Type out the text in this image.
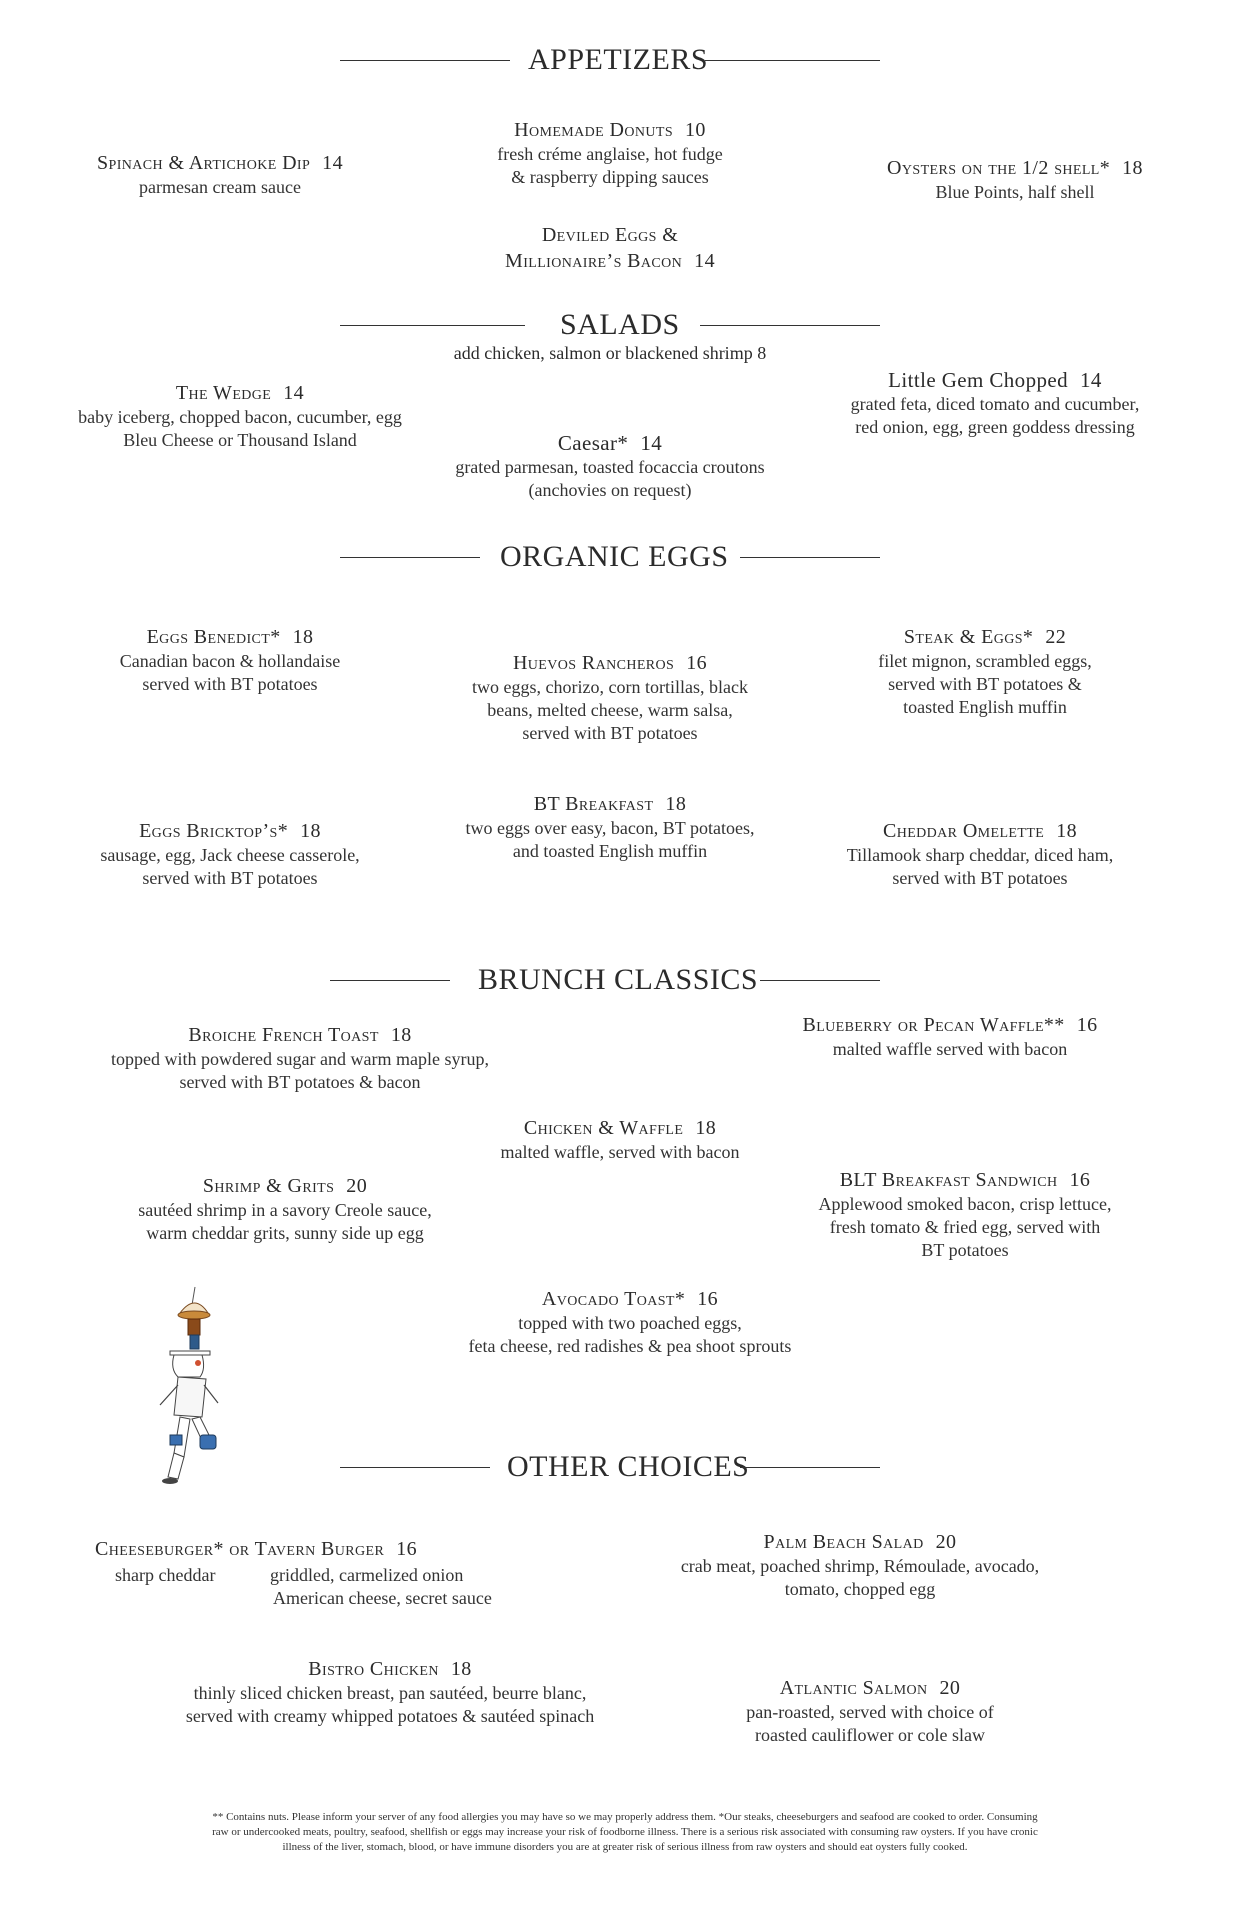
APPETIZERS
Spinach & Artichoke Dip 14
parmesan cream sauce
Homemade Donuts 10
fresh créme anglaise, hot fudge
& raspberry dipping sauces	Oysters on the 1/2 shell* 18
Blue Points, half shell
Deviled Eggs &
Millionaire’s Bacon 14
SALADS
add chicken, salmon or blackened shrimp 8
The Wedge 14
baby iceberg, chopped bacon, cucumber, egg
Bleu Cheese or Thousand Island	Caesar* 14
grated parmesan, toasted focaccia croutons
(anchovies on request)
Little Gem Chopped 14
grated feta, diced tomato and cucumber,
red onion, egg, green goddess dressing
ORGANIC EGGS
Eggs Benedict* 18
Canadian bacon & hollandaise
served with BT potatoes
Huevos Rancheros 16
two eggs, chorizo, corn tortillas, black
beans, melted cheese, warm salsa,
served with BT potatoes
Steak & Eggs* 22
filet mignon, scrambled eggs,
served with BT potatoes &
toasted English muffin
BT Breakfast 18
two eggs over easy, bacon, BT potatoes,
and toasted English muffin
Eggs Bricktop’s* 18
sausage, egg, Jack cheese casserole,
served with BT potatoes
Cheddar Omelette 18
Tillamook sharp cheddar, diced ham,
served with BT potatoes
BRUNCH CLASSICS
Broiche French Toast 18
topped with powdered sugar and warm maple syrup,
served with BT potatoes & bacon
Blueberry or Pecan Waffle** 16
malted waffle served with bacon
Chicken & Waffle 18
malted waffle, served with bacon
Shrimp & Grits 20
sautéed shrimp in a savory Creole sauce,
warm cheddar grits, sunny side up egg
BLT Breakfast Sandwich 16
Applewood smoked bacon, crisp lettuce,
fresh tomato & fried egg, served with
BT potatoes
Avocado Toast* 16
topped with two poached eggs,
feta cheese, red radishes & pea shoot sprouts
OTHER CHOICES
Cheeseburger* or Tavern Burger 16
sharp cheddar	griddled, carmelized onion
American cheese, secret sauce
Palm Beach Salad 20
crab meat, poached shrimp, Rémoulade, avocado,
tomato, chopped egg
Bistro Chicken 18
thinly sliced chicken breast, pan sautéed, beurre blanc,
served with creamy whipped potatoes & sautéed spinach
Atlantic Salmon 20
pan-roasted, served with choice of
roasted cauliflower or cole slaw
** Contains nuts. Please inform your server of any food allergies you may have so we may properly address them. *Our steaks, cheeseburgers and seafood are cooked to order. Consuming
raw or undercooked meats, poultry, seafood, shellfish or eggs may increase your risk of foodborne illness. There is a serious risk associated with consuming raw oysters. If you have cronic
illness of the liver, stomach, blood, or have immune disorders you are at greater risk of serious illness from raw oysters and should eat oysters fully cooked.
